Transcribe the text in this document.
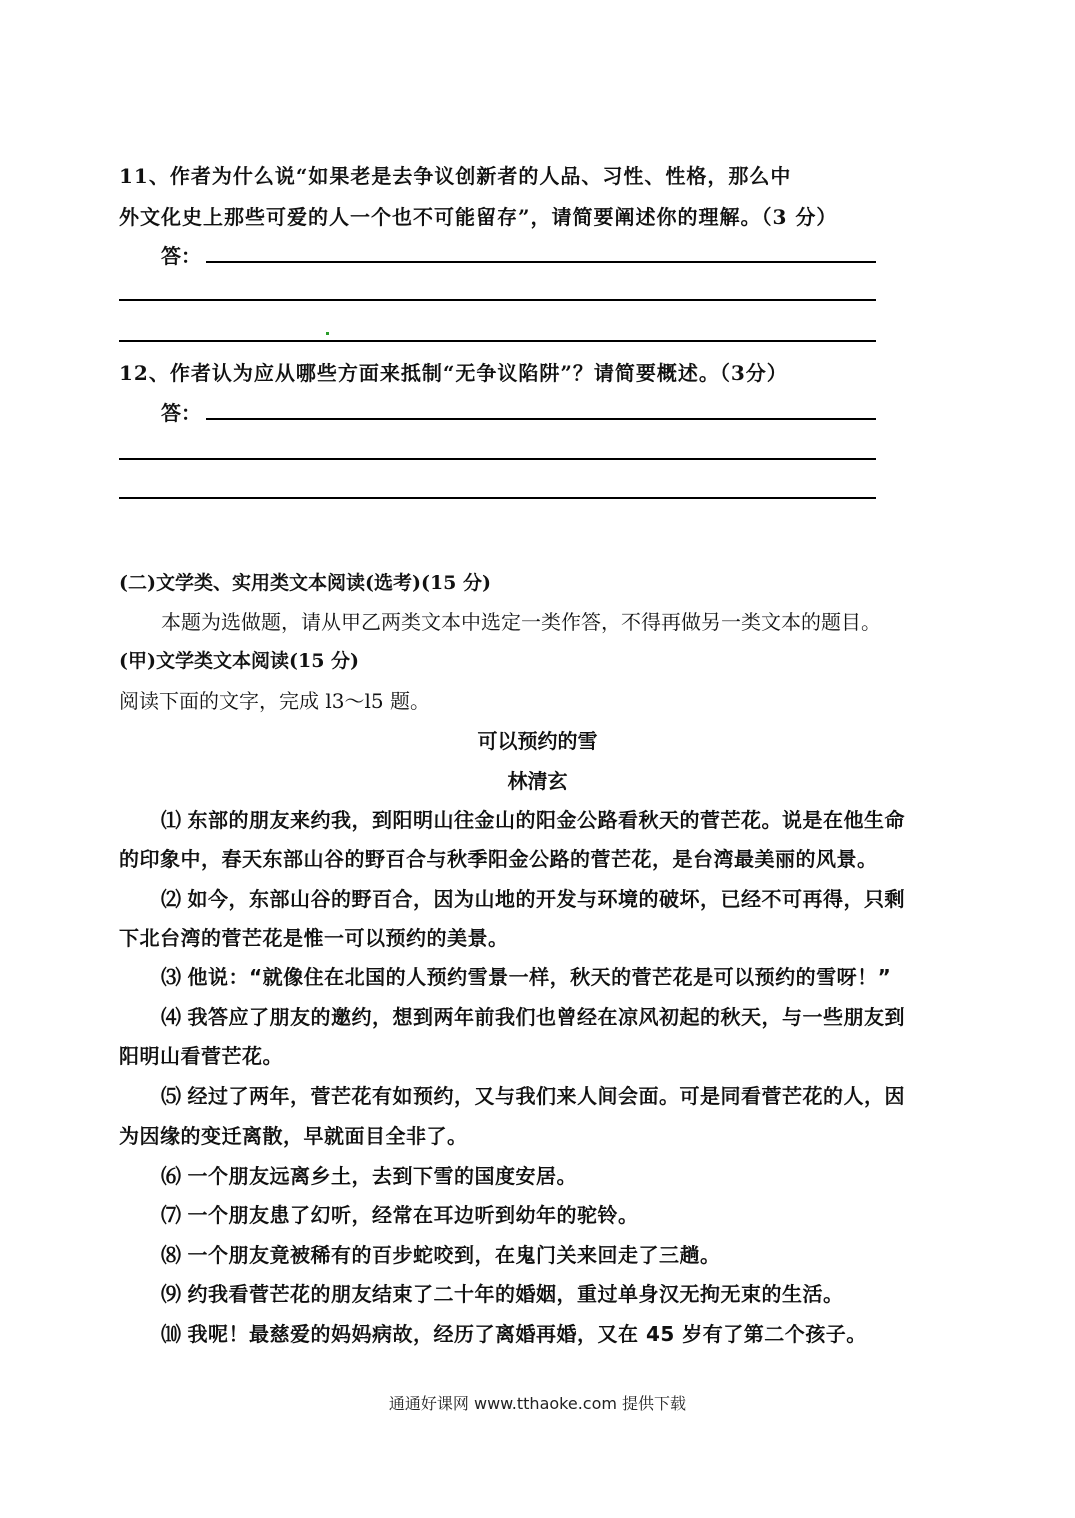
11、作者为什么说“如果老是去争议创新者的人品、习性、性格，那么中
外文化史上那些可爱的人一个也不可能留存”，请简要阐述你的理解。（3 分）
答：
12、作者认为应从哪些方面来抵制“无争议陷阱”？请简要概述。（3分）
答：
(二)文学类、实用类文本阅读(选考)(15 分)
本题为选做题，请从甲乙两类文本中选定一类作答，不得再做另一类文本的题目。
(甲)文学类文本阅读(15 分)
阅读下面的文字，完成 l3～l5 题。
可以预约的雪
林清玄
⑴ 东部的朋友来约我，到阳明山往金山的阳金公路看秋天的菅芒花。说是在他生命
的印象中，春天东部山谷的野百合与秋季阳金公路的菅芒花，是台湾最美丽的风景。
⑵ 如今，东部山谷的野百合，因为山地的开发与环境的破坏，已经不可再得，只剩
下北台湾的菅芒花是惟一可以预约的美景。
⑶ 他说：“就像住在北国的人预约雪景一样，秋天的菅芒花是可以预约的雪呀！”
⑷ 我答应了朋友的邀约，想到两年前我们也曾经在凉风初起的秋天，与一些朋友到
阳明山看菅芒花。
⑸ 经过了两年，菅芒花有如预约，又与我们来人间会面。可是同看菅芒花的人，因
为因缘的变迁离散，早就面目全非了。
⑹ 一个朋友远离乡土，去到下雪的国度安居。
⑺ 一个朋友患了幻听，经常在耳边听到幼年的驼铃。
⑻ 一个朋友竟被稀有的百步蛇咬到，在鬼门关来回走了三趟。
⑼ 约我看菅芒花的朋友结束了二十年的婚姻，重过单身汉无拘无束的生活。
⑽ 我呢！最慈爱的妈妈病故，经历了离婚再婚，又在 45 岁有了第二个孩子。
通通好课网 www.tthaoke.com 提供下载
